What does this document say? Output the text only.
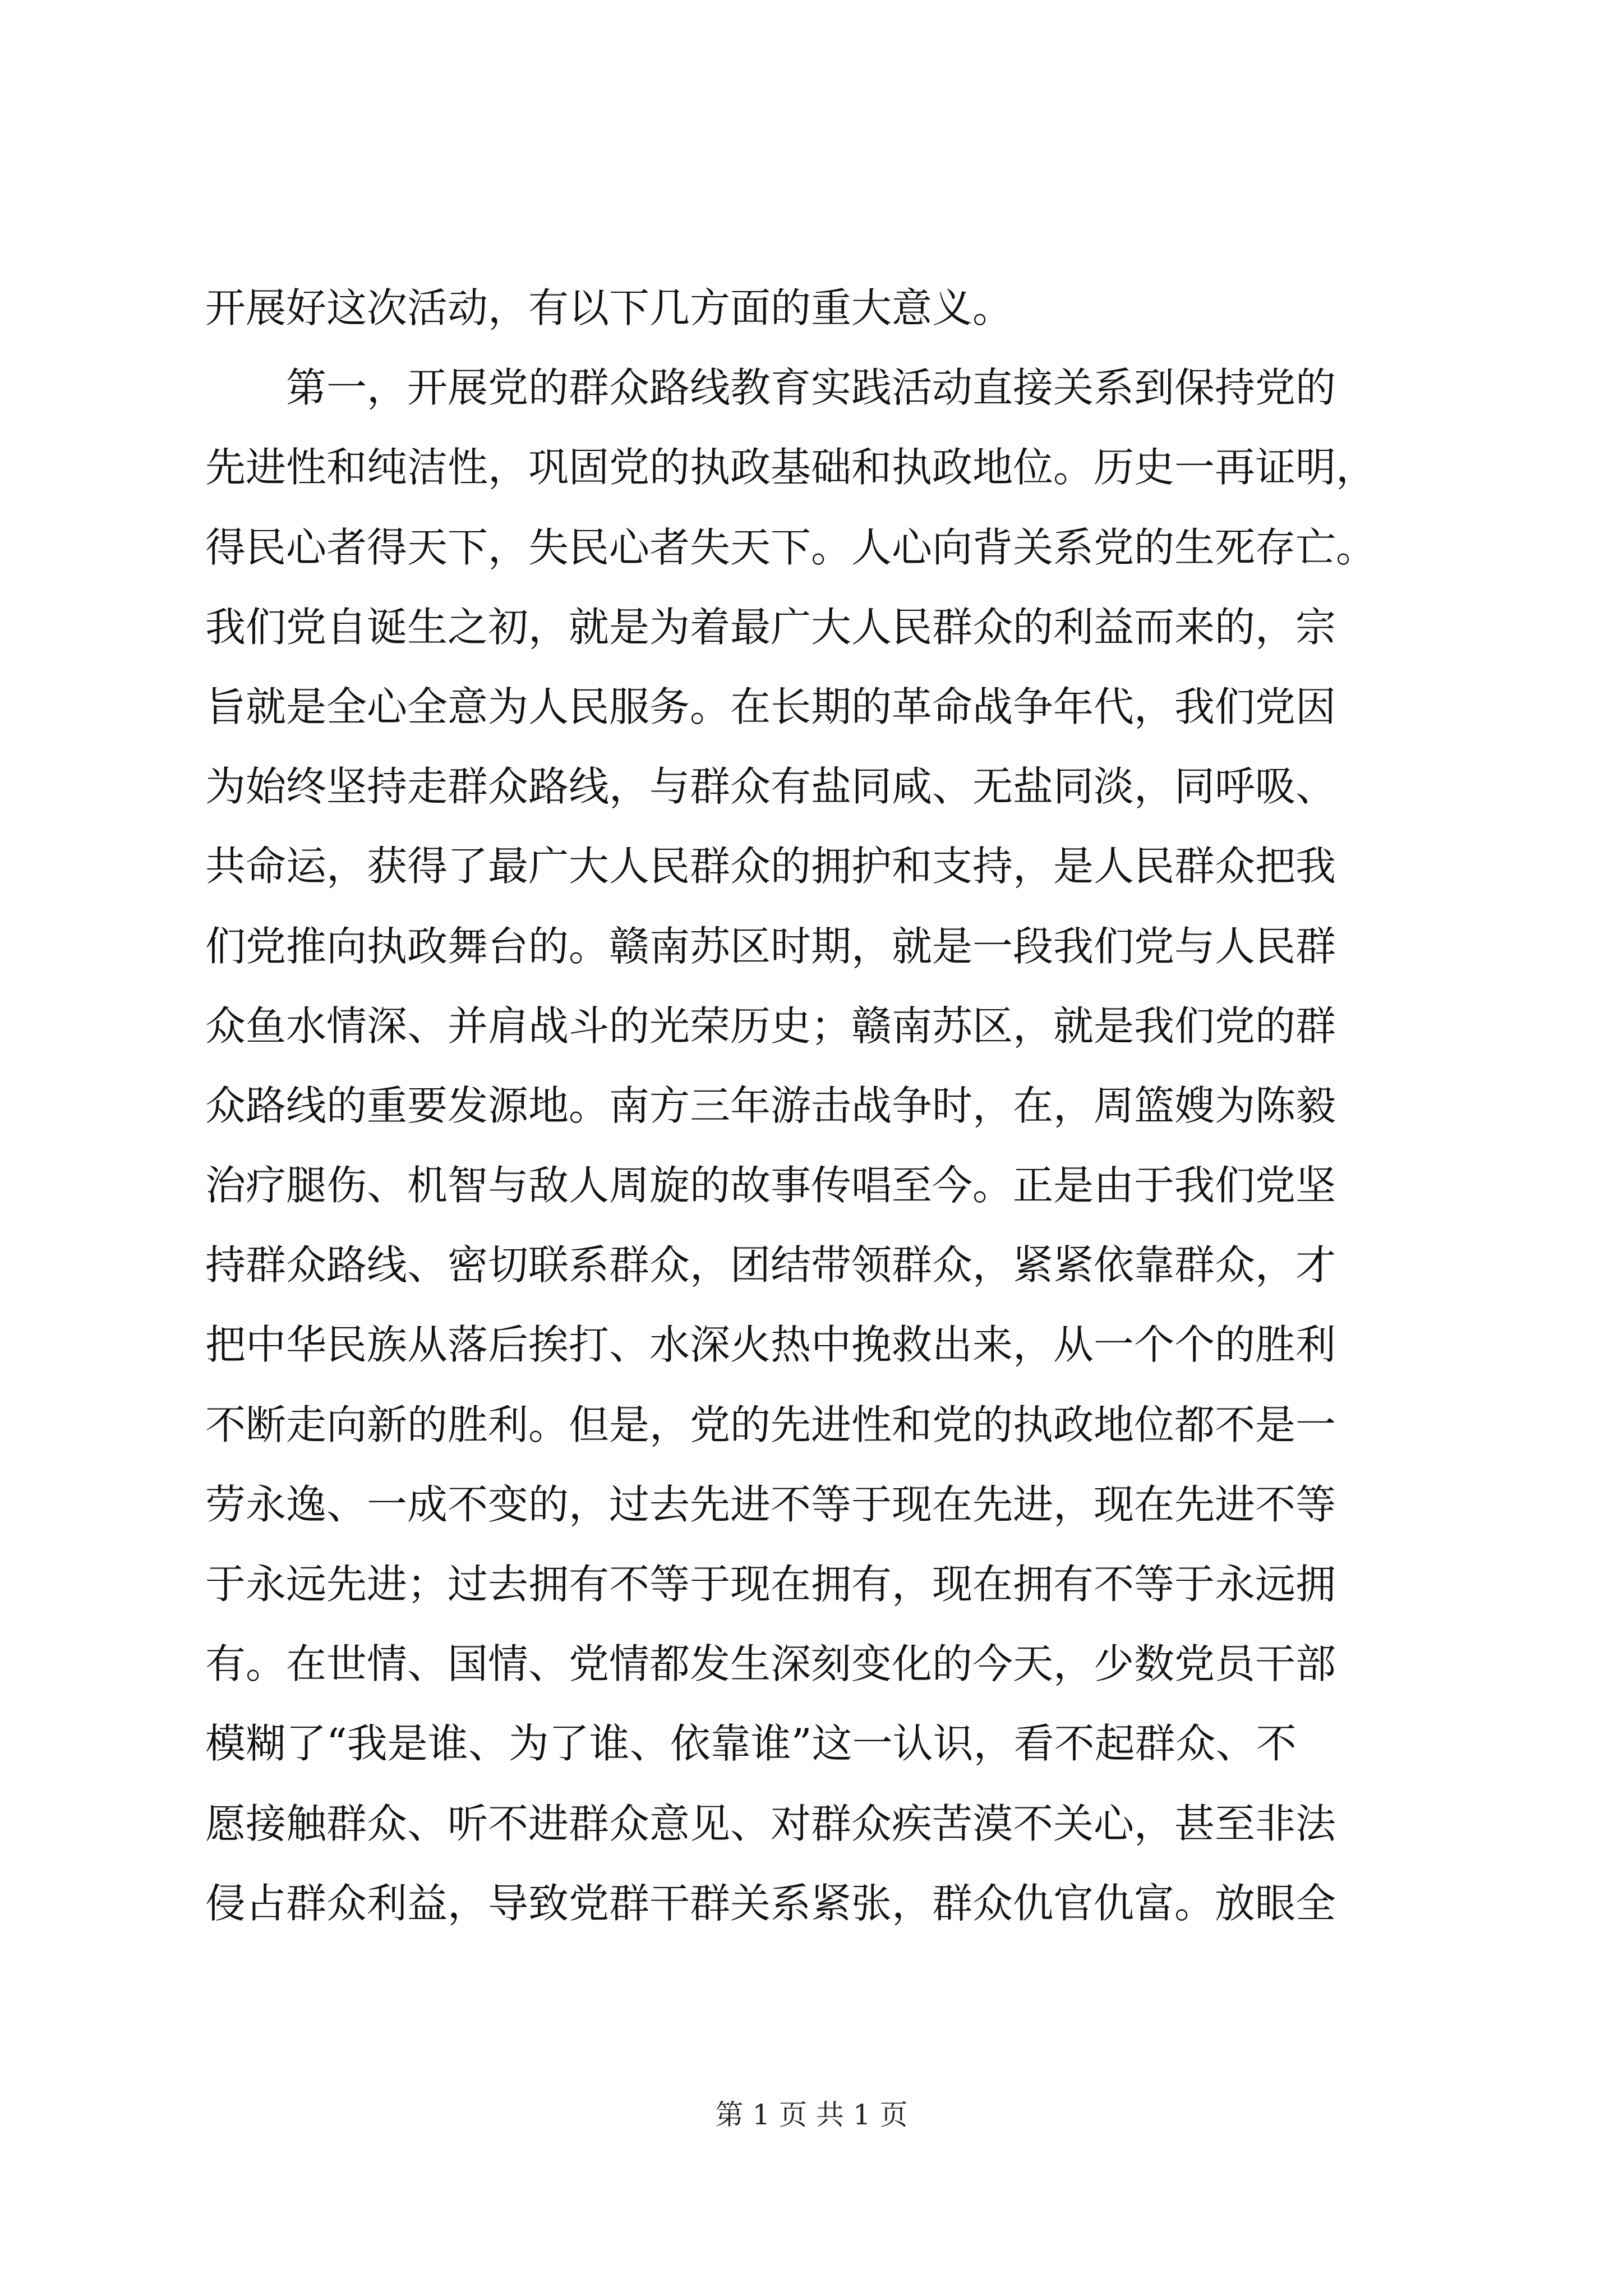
开展好这次活动，有以下几方面的重大意义。
　　第一，开展党的群众路线教育实践活动直接关系到保持党的
先进性和纯洁性，巩固党的执政基础和执政地位。历史一再证明，
得民心者得天下，失民心者失天下。人心向背关系党的生死存亡。
我们党自诞生之初，就是为着最广大人民群众的利益而来的，宗
旨就是全心全意为人民服务。在长期的革命战争年代，我们党因
为始终坚持走群众路线，与群众有盐同咸、无盐同淡，同呼吸、
共命运，获得了最广大人民群众的拥护和支持，是人民群众把我
们党推向执政舞台的。赣南苏区时期，就是一段我们党与人民群
众鱼水情深、并肩战斗的光荣历史；赣南苏区，就是我们党的群
众路线的重要发源地。南方三年游击战争时，在，周篮嫂为陈毅
治疗腿伤、机智与敌人周旋的故事传唱至今。正是由于我们党坚
持群众路线、密切联系群众，团结带领群众，紧紧依靠群众，才
把中华民族从落后挨打、水深火热中挽救出来，从一个个的胜利
不断走向新的胜利。但是，党的先进性和党的执政地位都不是一
劳永逸、一成不变的，过去先进不等于现在先进，现在先进不等
于永远先进；过去拥有不等于现在拥有，现在拥有不等于永远拥
有。在世情、国情、党情都发生深刻变化的今天，少数党员干部
模糊了“我是谁、为了谁、依靠谁”这一认识，看不起群众、不
愿接触群众、听不进群众意见、对群众疾苦漠不关心，甚至非法
侵占群众利益，导致党群干群关系紧张，群众仇官仇富。放眼全
第 1 页 共 1 页
